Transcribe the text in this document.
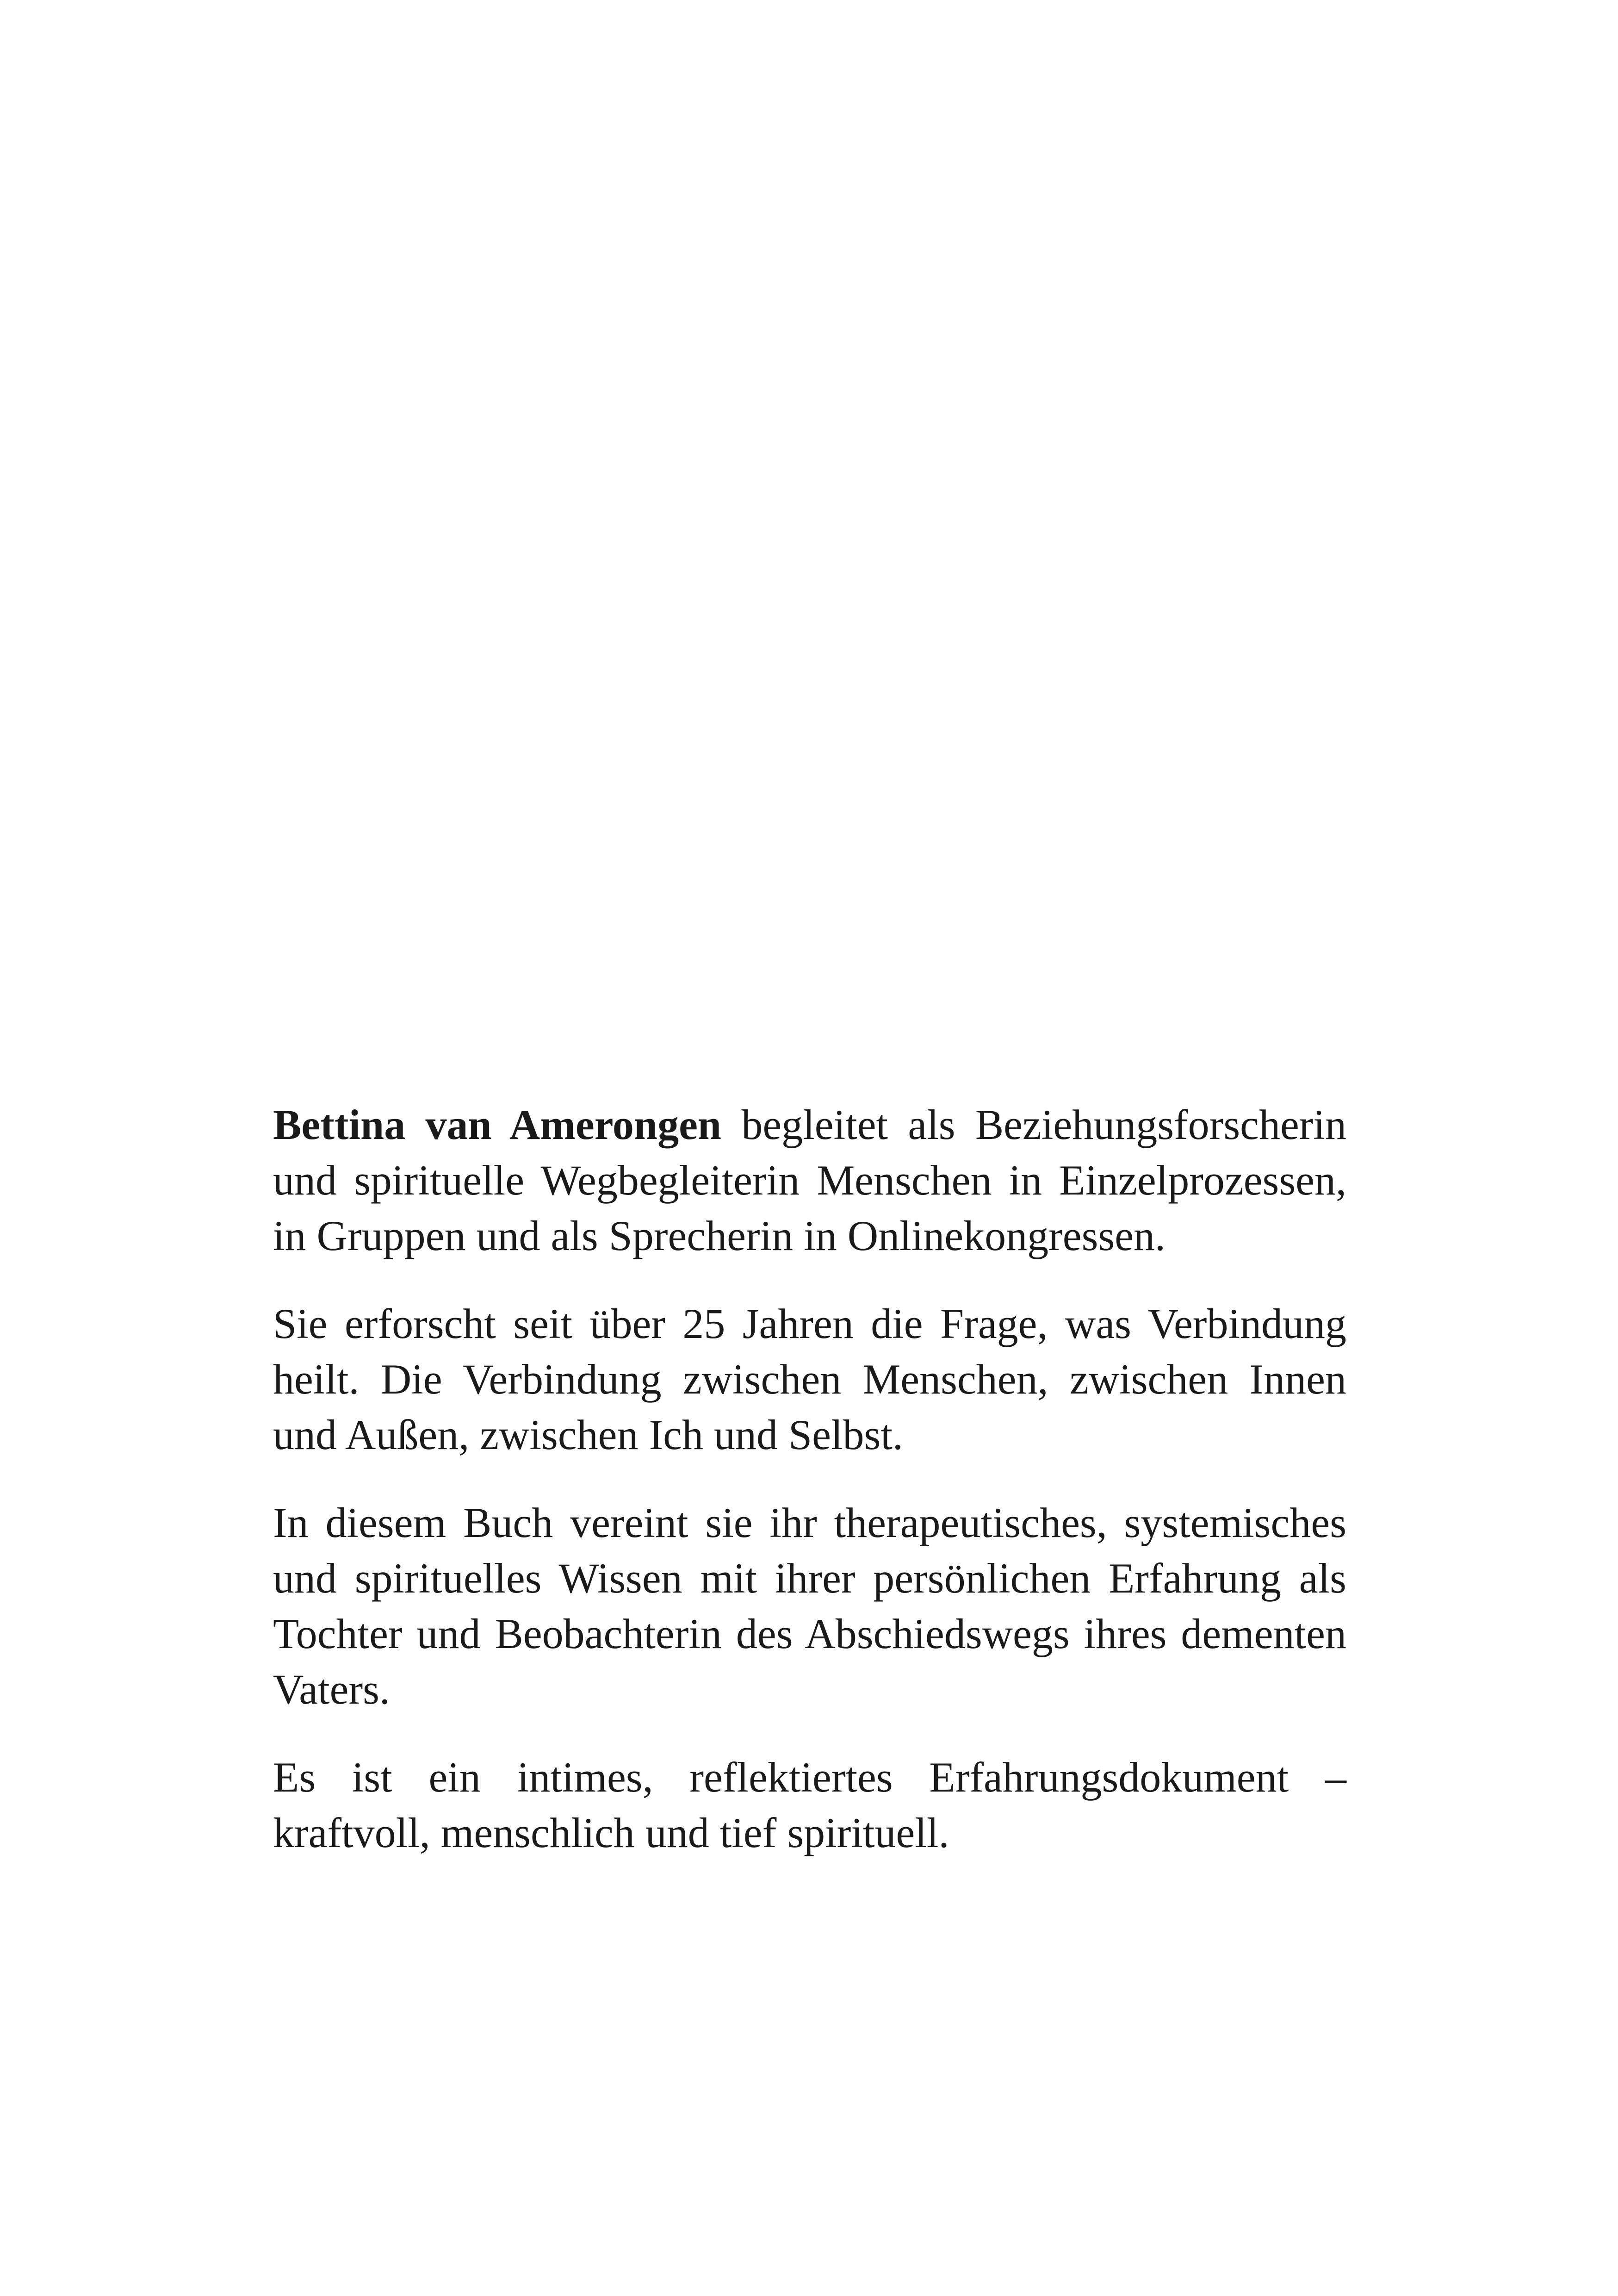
Bettina van Amerongen begleitet als Beziehungsforscherin und spirituelle Wegbegleiterin Menschen in Einzelprozessen, in Gruppen und als Sprecherin in Onlinekongressen.

Sie erforscht seit über 25 Jahren die Frage, was Verbindung heilt. Die Verbindung zwischen Menschen, zwischen Innen und Außen, zwischen Ich und Selbst.

In diesem Buch vereint sie ihr therapeutisches, systemisches und spirituelles Wissen mit ihrer persönlichen Erfahrung als Tochter und Beobachterin des Abschiedswegs ihres dementen Vaters.

Es ist ein intimes, reflektiertes Erfahrungsdokument – kraftvoll, menschlich und tief spirituell.
